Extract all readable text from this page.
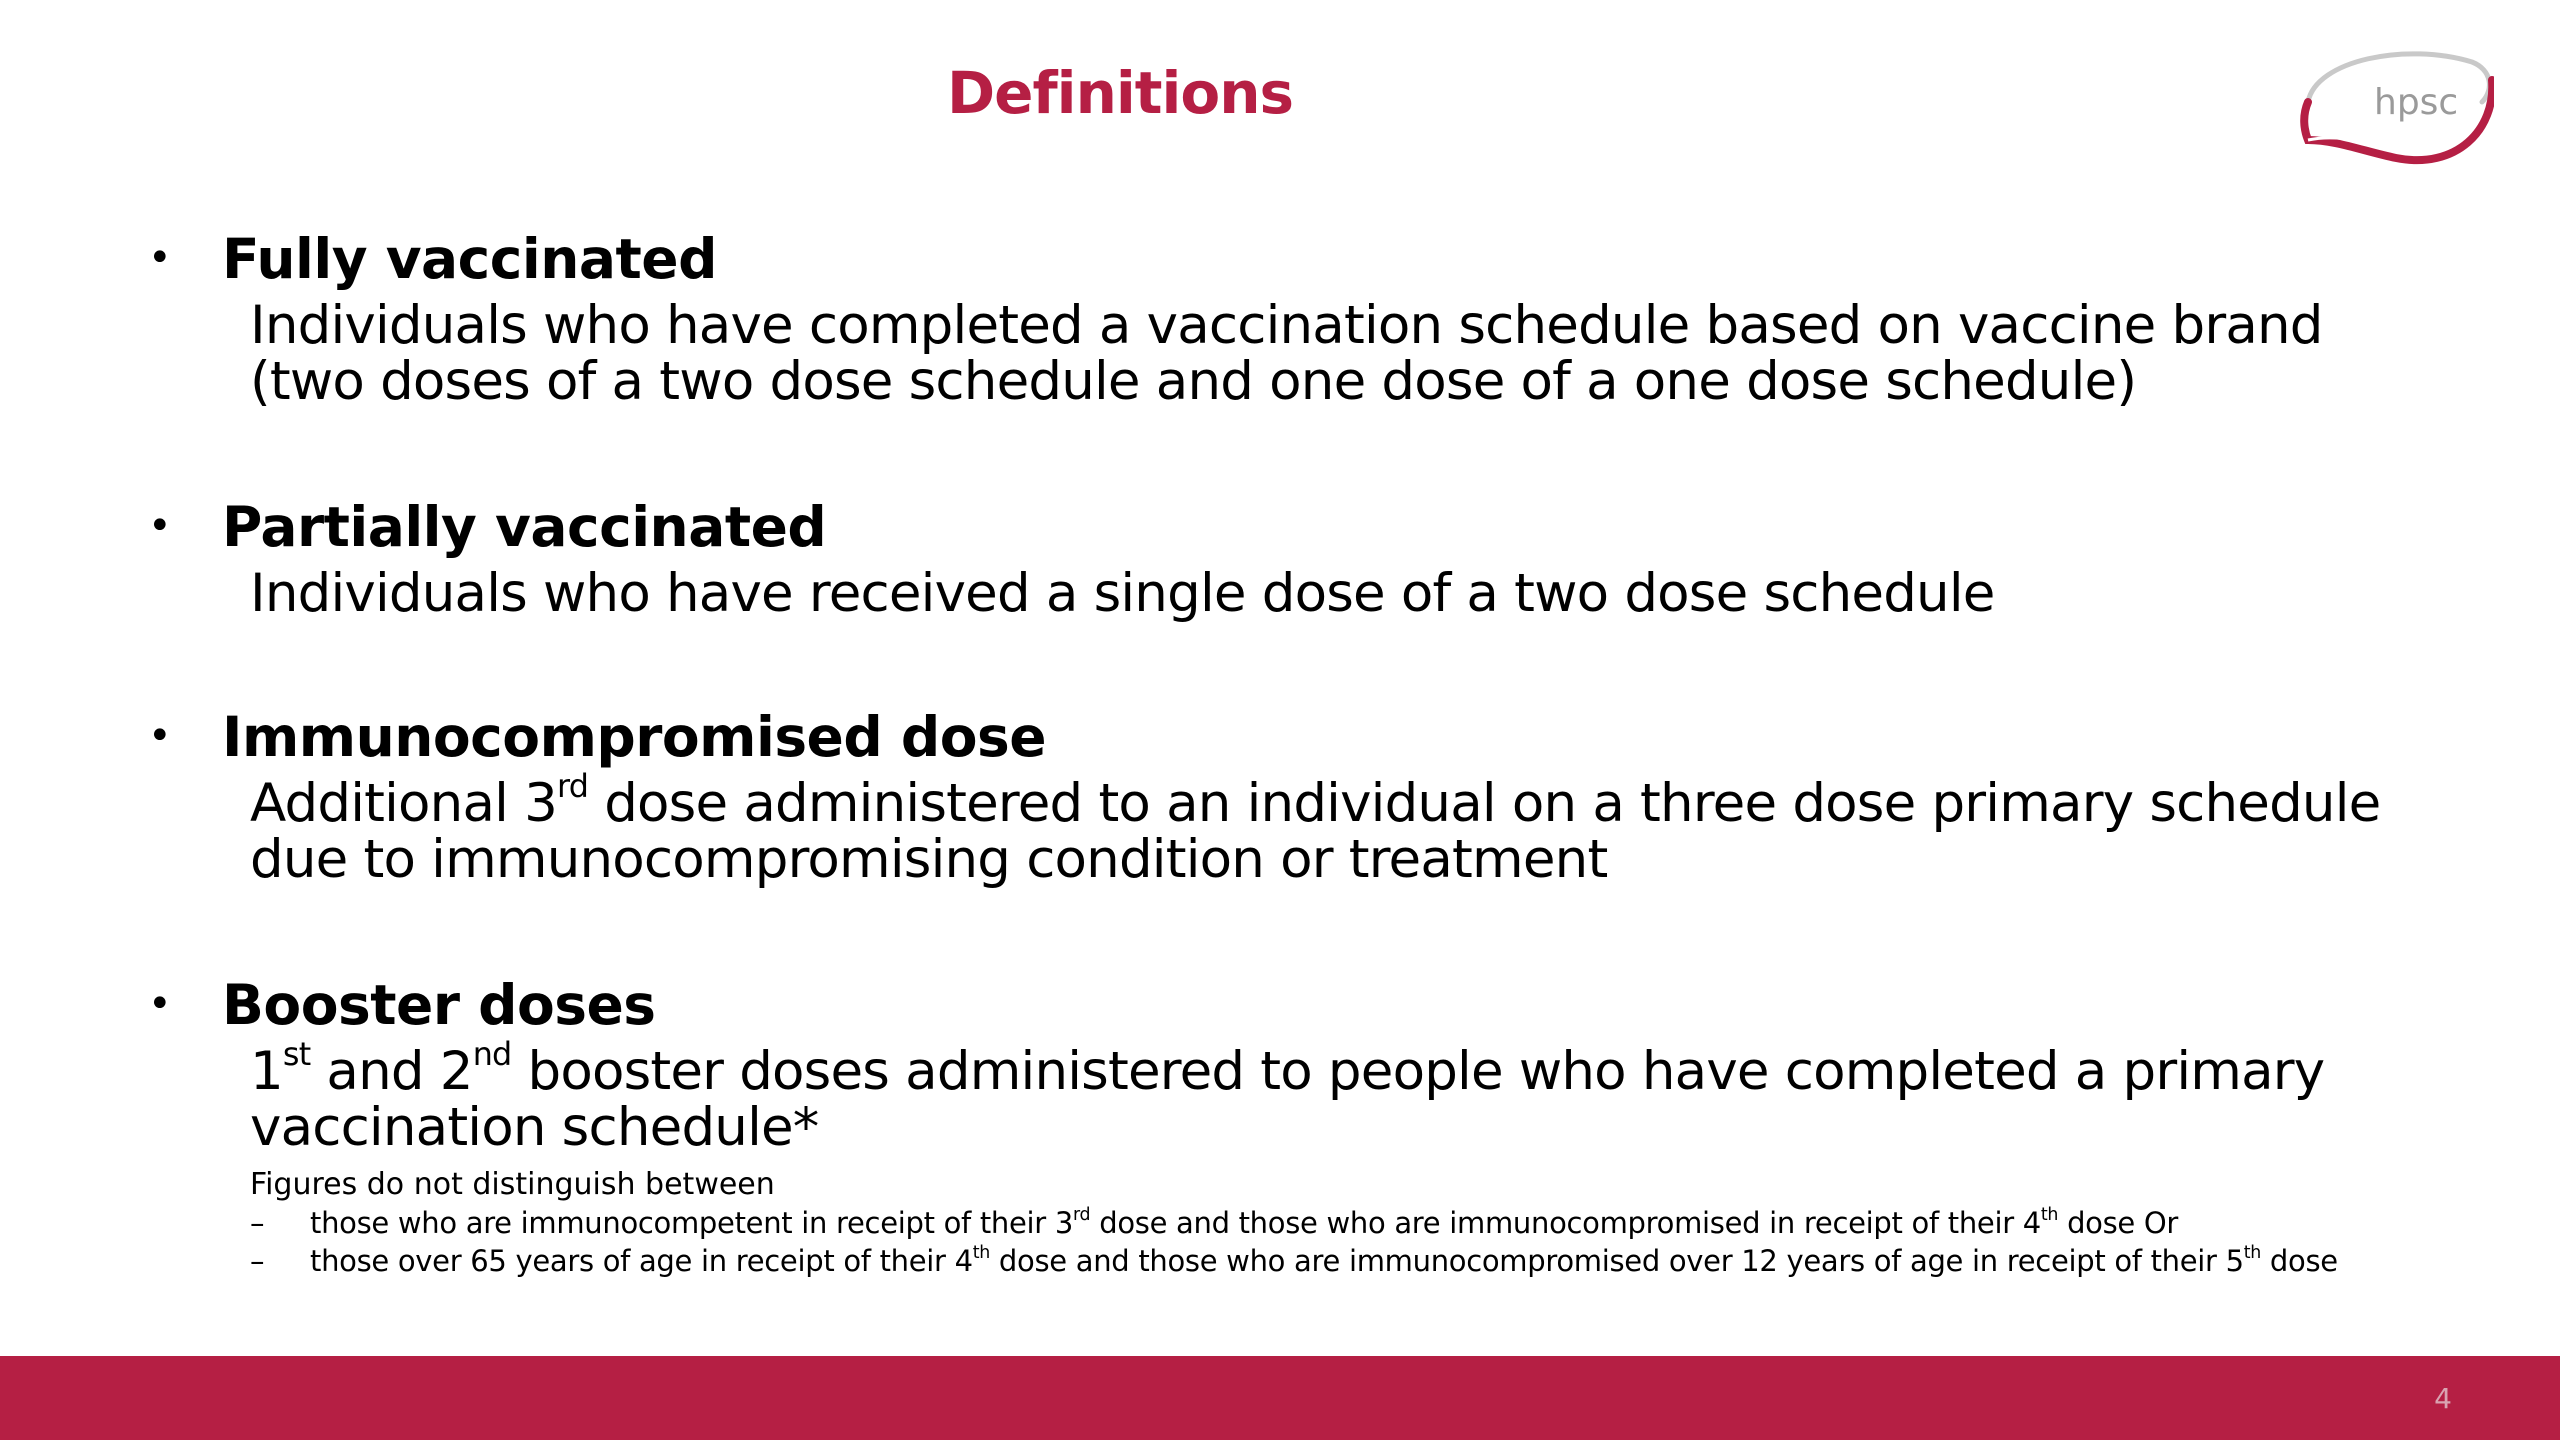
Definitions	hpsc
• Fully vaccinated
Individuals who have completed a vaccination schedule based on vaccine brand
(two doses of a two dose schedule and one dose of a one dose schedule)
• Partially vaccinated
Individuals who have received a single dose of a two dose schedule
• Immunocompromised dose
Additional 3rd dose administered to an individual on a three dose primary schedule
due to immunocompromising condition or treatment
• Booster doses
1st and 2nd booster doses administered to people who have completed a primary
vaccination schedule*
Figures do not distinguish between
– those who are immunocompetent in receipt of their 3rd dose and those who are immunocompromised in receipt of their 4th dose Or
– those over 65 years of age in receipt of their 4th dose and those who are immunocompromised over 12 years of age in receipt of their 5th dose
4
